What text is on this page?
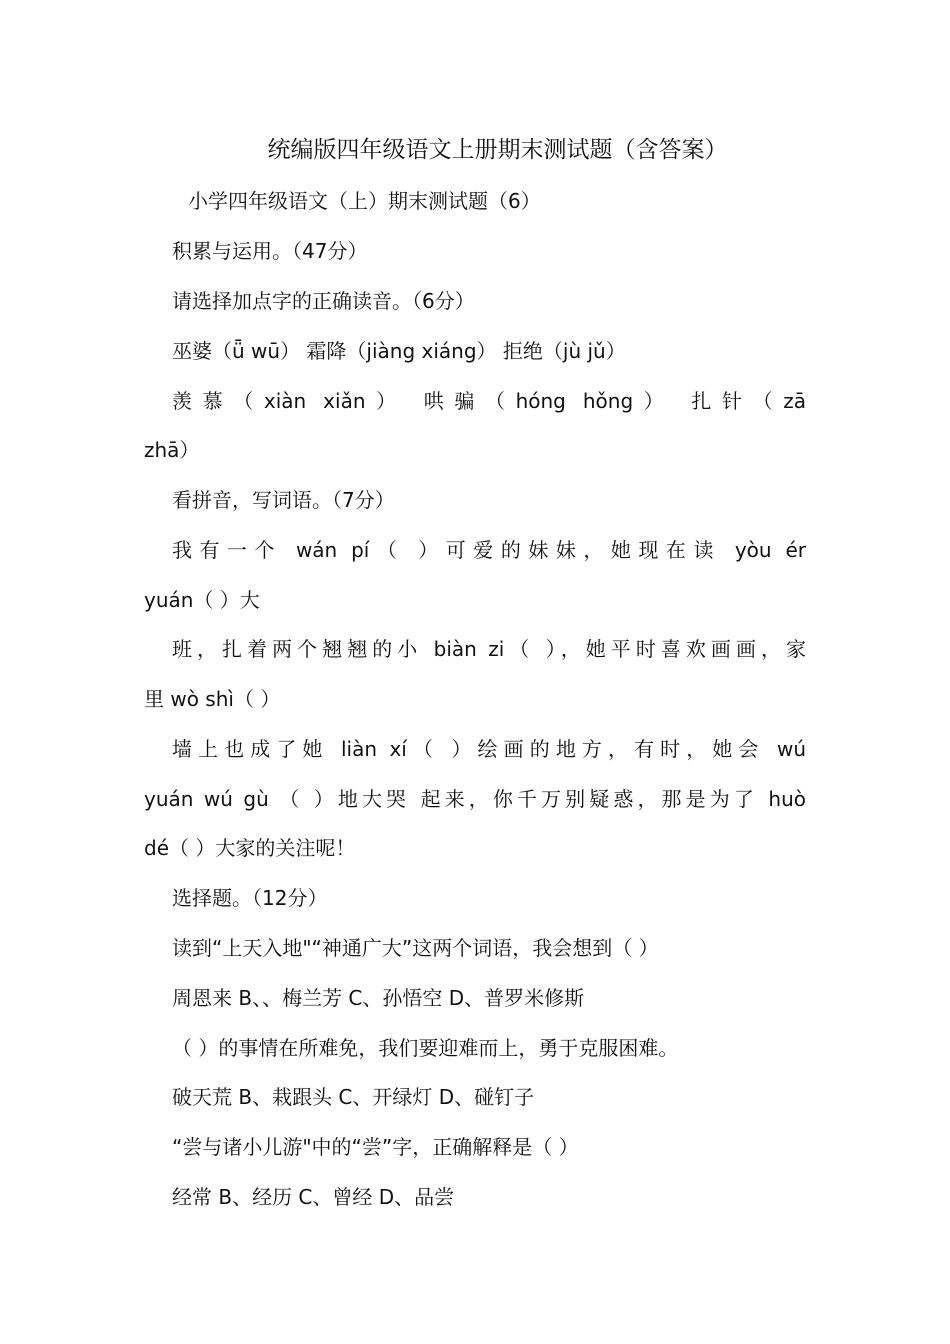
统编版四年级语文上册期末测试题（含答案）
小学四年级语文（上）期末测试题（6）
积累与运用。（47分）
请选择加点字的正确读音。（6分）
巫婆（ǖ wū） 霜降（jiàng xiáng） 拒绝（jù jǔ）
羡慕（xiàn xiǎn） 哄骗（hóng hǒng） 扎针（zā
zhā）
看拼音，写词语。（7分）
我有一个 wán pí（ ）可爱的妹妹，她现在读 yòu ér
yuán（ ）大
班，扎着两个翘翘的小 biàn zi（ ），她平时喜欢画画，家
里 wò shì（ ）
墙上也成了她 liàn xí（ ）绘画的地方，有时，她会 wú
yuán wú gù （ ）地大哭 起来，你千万别疑惑，那是为了 huò
dé（ ）大家的关注呢！
选择题。（12分）
读到“上天入地"“神通广大”这两个词语，我会想到（ ）
周恩来 B、、梅兰芳 C、孙悟空 D、普罗米修斯
（ ）的事情在所难免，我们要迎难而上，勇于克服困难。
破天荒 B、栽跟头 C、开绿灯 D、碰钉子
“尝与诸小儿游"中的“尝”字，正确解释是（ ）
经常 B、经历 C、曾经 D、品尝
